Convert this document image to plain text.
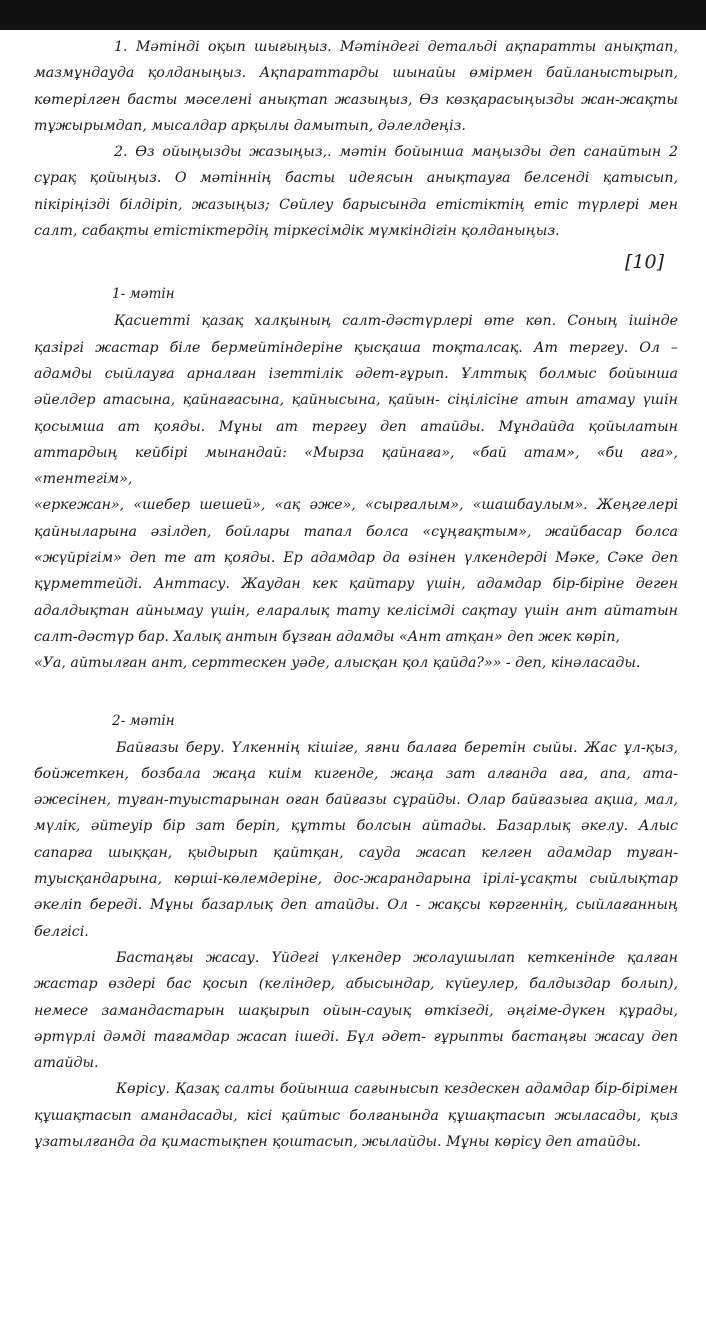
1. Мәтінді оқып шығыңыз. Мәтіндегі детальді ақпаратты анықтап, мазмұндауда қолданыңыз. Ақпараттарды шынайы өмірмен байланыстырып, көтерілген басты мәселені анықтап жазыңыз, Өз көзқарасыңызды жан-жақты тұжырымдап, мысалдар арқылы дамытып, дәлелдеңіз.

2. Өз ойыңызды жазыңыз,. мәтін бойынша маңызды деп санайтын 2 сұрақ қойыңыз. О мәтіннің басты идеясын анықтауға белсенді қатысып, пікіріңізді білдіріп, жазыңыз; Сөйлеу барысында етістіктің етіс түрлері мен салт, сабақты етістіктердің тіркесімдік мүмкіндігін қолданыңыз.

[10]
1- мәтін

Қасиетті қазақ халқының салт-дәстүрлері өте көп. Соның ішінде қазіргі жастар біле бермейтіндеріне қысқаша тоқталсақ. Ат тергеу. Ол – адамды сыйлауға арналған ізеттілік әдет-ғұрып. Ұлттық болмыс бойынша әйелдер атасына, қайнағасына, қайнысына, қайын- сіңілісіне атын атамау үшін қосымша ат қояды. Мұны ат тергеу деп атайды. Мұндайда қойылатын аттардың кейбірі мынандай: «Мырза қайнаға», «бай атам», «би аға», «тентегім»,

«еркежан», «шебер шешей», «ақ әже», «сырғалым», «шашбаулым». Жеңгелері қайныларына әзілдеп, бойлары тапал болса «сұңғақтым», жайбасар болса «жүйрігім» деп те ат қояды. Ер адамдар да өзінен үлкендерді Мәке, Сәке деп құрметтейді. Анттасу. Жаудан кек қайтару үшін, адамдар бір-біріне деген адалдықтан айнымау үшін, еларалық тату келісімді сақтау үшін ант айтатын салт-дәстүр бар. Халық антын бұзған адамды «Ант атқан» деп жек көріп,

«Уа, айтылған ант, серттескен уәде, алысқан қол қайда?»» - деп, кінәласады.

2- мәтін

Байғазы беру. Үлкеннің кішіге, яғни балаға беретін сыйы. Жас ұл-қыз, бойжеткен, бозбала жаңа киім кигенде, жаңа зат алғанда аға, апа, ата-әжесінен, туған-туыстарынан оған байғазы сұрайды. Олар байғазыға ақша, мал, мүлік, әйтеуір бір зат беріп, құтты болсын айтады. Базарлық әкелу. Алыс сапарға шыққан, қыдырып қайтқан, сауда жасап келген адамдар туған-туысқандарына, көрші-көлемдеріне, дос-жарандарына ірілі-ұсақты сыйлықтар әкеліп береді. Мұны базарлық деп атайды. Ол - жақсы көргеннің, сыйлағанның белгісі.

Бастаңғы жасау. Үйдегі үлкендер жолаушылап кеткенінде қалған жастар өздері бас қосып (келіндер, абысындар, күйеулер, балдыздар болып), немесе замандастарын шақырып ойын-сауық өткізеді, әңгіме-дүкен құрады, әртүрлі дәмді тағамдар жасап ішеді. Бұл әдет- ғұрыпты бастаңғы жасау деп атайды.

Көрісу. Қазақ салты бойынша сағынысып кездескен адамдар бір-бірімен құшақтасып амандасады, кісі қайтыс болғанында құшақтасып жыласады, қыз ұзатылғанда да қимастықпен қоштасып, жылайды. Мұны көрісу деп атайды.
